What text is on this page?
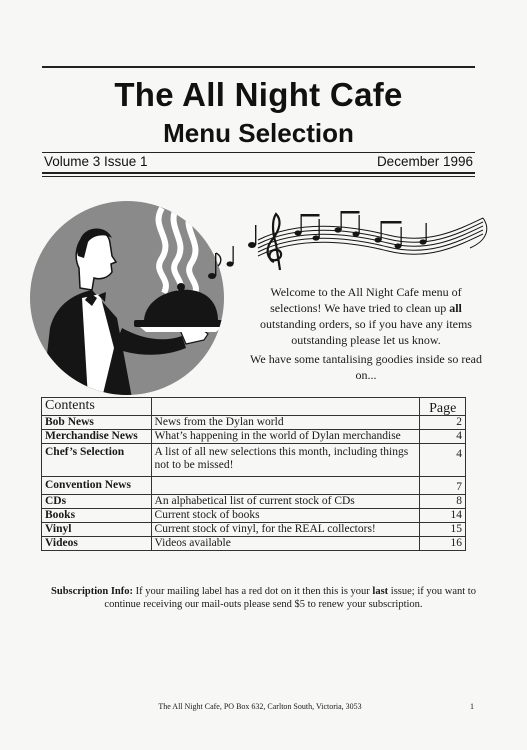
The All Night Cafe
Menu Selection
Volume 3 Issue 1	December 1996

Welcome to the All Night Cafe menu of selections! We have tried to clean up all outstanding orders, so if you have any items outstanding please let us know.

We have some tantalising goodies inside so read on...

Contents		Page
Bob News	News from the Dylan world	2
Merchandise News	What’s happening in the world of Dylan merchandise	4
Chef’s Selection	A list of all new selections this month, including things not to be missed!	4
Convention News		7
CDs	An alphabetical list of current stock of CDs	8
Books	Current stock of books	14
Vinyl	Current stock of vinyl, for the REAL collectors!	15
Videos	Videos available	16
Subscription Info: If your mailing label has a red dot on it then this is your last issue; if you want to continue receiving our mail-outs please send $5 to renew your subscription.
The All Night Cafe, PO Box 632, Carlton South, Victoria, 3053	1
